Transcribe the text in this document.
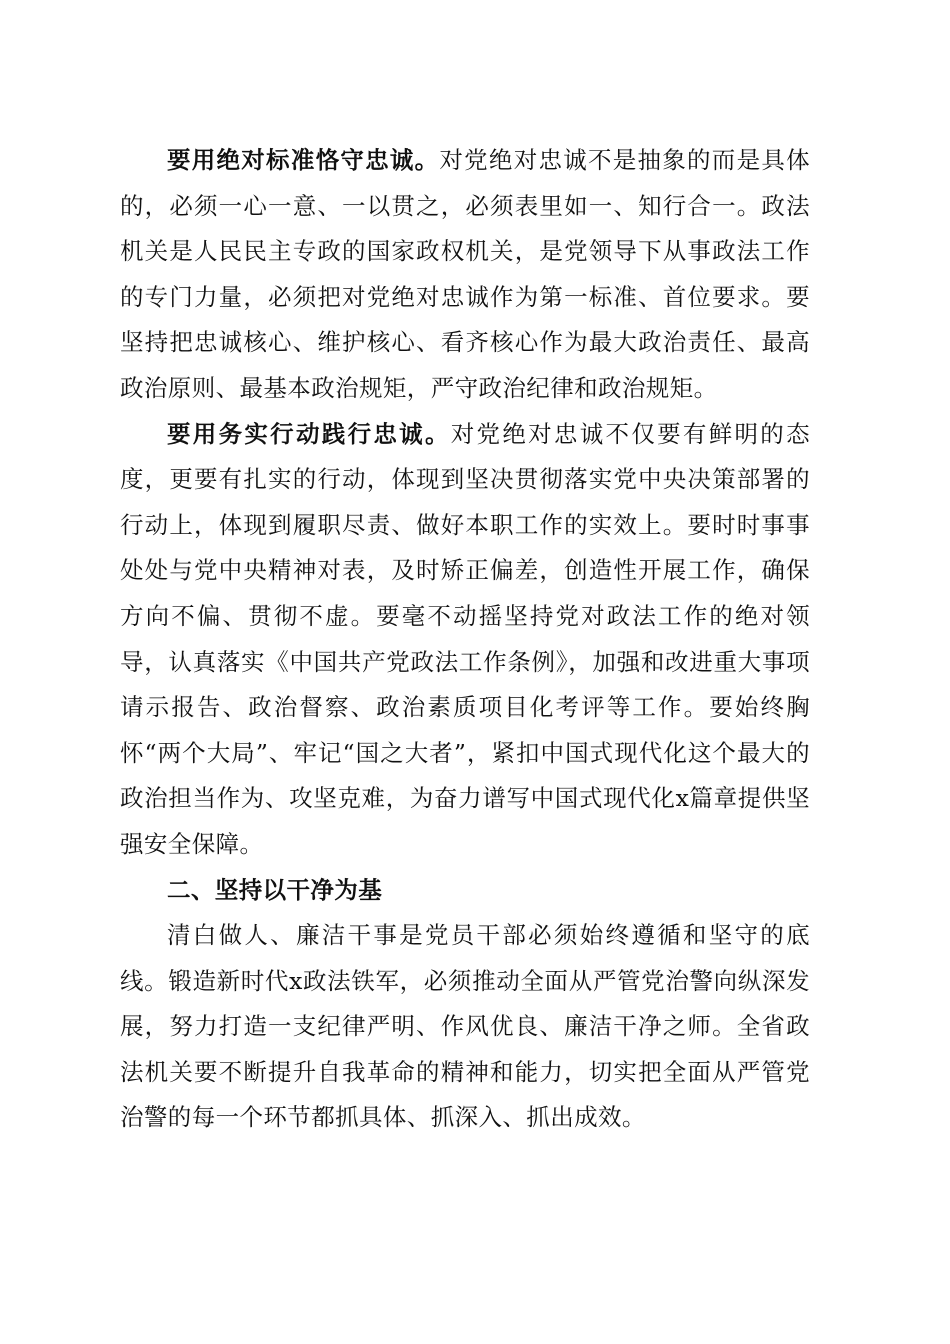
要用绝对标准恪守忠诚。对党绝对忠诚不是抽象的而是具体的，必须一心一意、一以贯之，必须表里如一、知行合一。政法机关是人民民主专政的国家政权机关，是党领导下从事政法工作的专门力量，必须把对党绝对忠诚作为第一标准、首位要求。要坚持把忠诚核心、维护核心、看齐核心作为最大政治责任、最高政治原则、最基本政治规矩，严守政治纪律和政治规矩。

要用务实行动践行忠诚。对党绝对忠诚不仅要有鲜明的态度，更要有扎实的行动，体现到坚决贯彻落实党中央决策部署的行动上，体现到履职尽责、做好本职工作的实效上。要时时事事处处与党中央精神对表，及时矫正偏差，创造性开展工作，确保方向不偏、贯彻不虚。要毫不动摇坚持党对政法工作的绝对领导，认真落实《中国共产党政法工作条例》，加强和改进重大事项请示报告、政治督察、政治素质项目化考评等工作。要始终胸怀“两个大局”、牢记“国之大者”，紧扣中国式现代化这个最大的政治担当作为、攻坚克难，为奋力谱写中国式现代化x篇章提供坚强安全保障。

二、坚持以干净为基

清白做人、廉洁干事是党员干部必须始终遵循和坚守的底线。锻造新时代x政法铁军，必须推动全面从严管党治警向纵深发展，努力打造一支纪律严明、作风优良、廉洁干净之师。全省政法机关要不断提升自我革命的精神和能力，切实把全面从严管党治警的每一个环节都抓具体、抓深入、抓出成效。
